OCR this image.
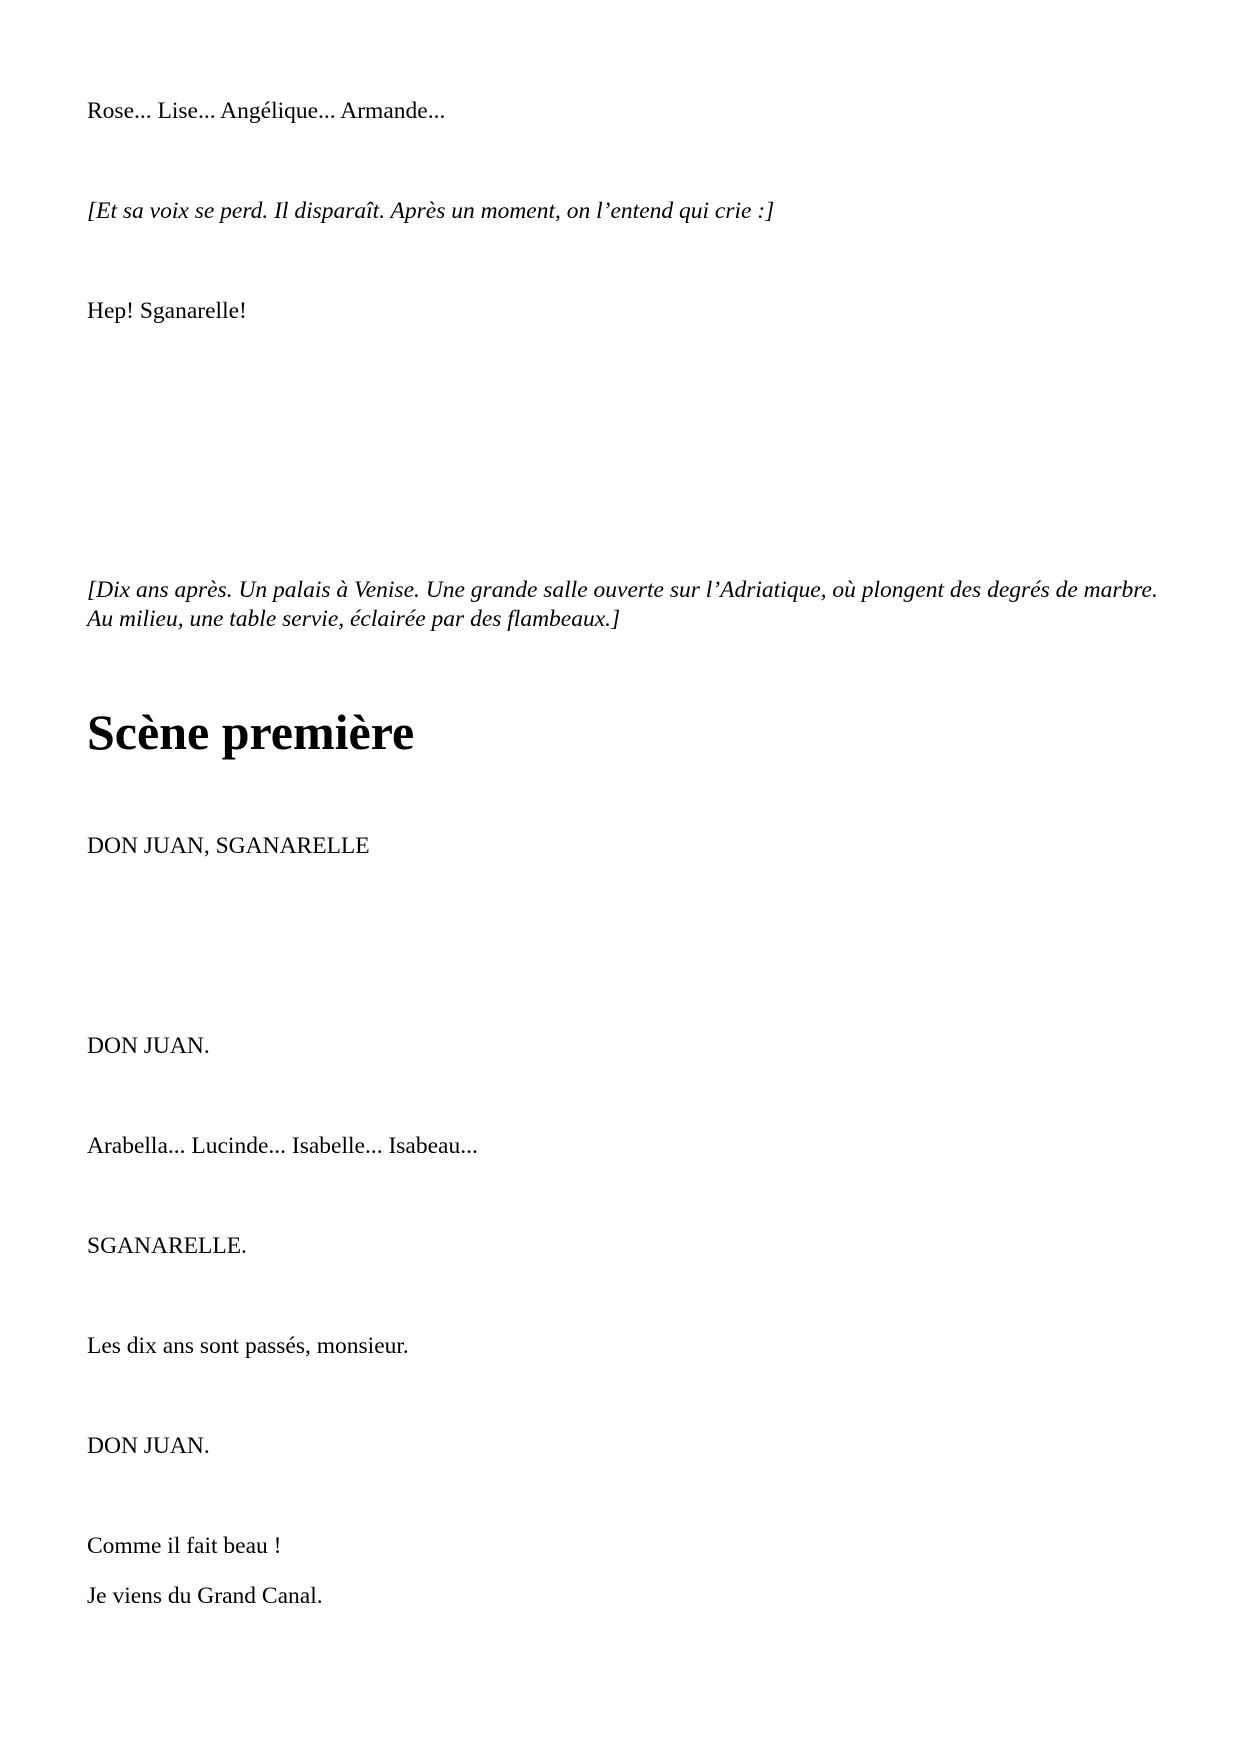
Rose... Lise... Angélique... Armande...

[Et sa voix se perd. Il disparaît. Après un moment, on l’entend qui crie :]

Hep! Sganarelle!

[Dix ans après. Un palais à Venise. Une grande salle ouverte sur l’Adriatique, où plongent des degrés de marbre. Au milieu, une table servie, éclairée par des flambeaux.]

Scène première

DON JUAN, SGANARELLE

DON JUAN.

Arabella... Lucinde... Isabelle... Isabeau...

SGANARELLE.

Les dix ans sont passés, monsieur.

DON JUAN.

Comme il fait beau !

Je viens du Grand Canal.
